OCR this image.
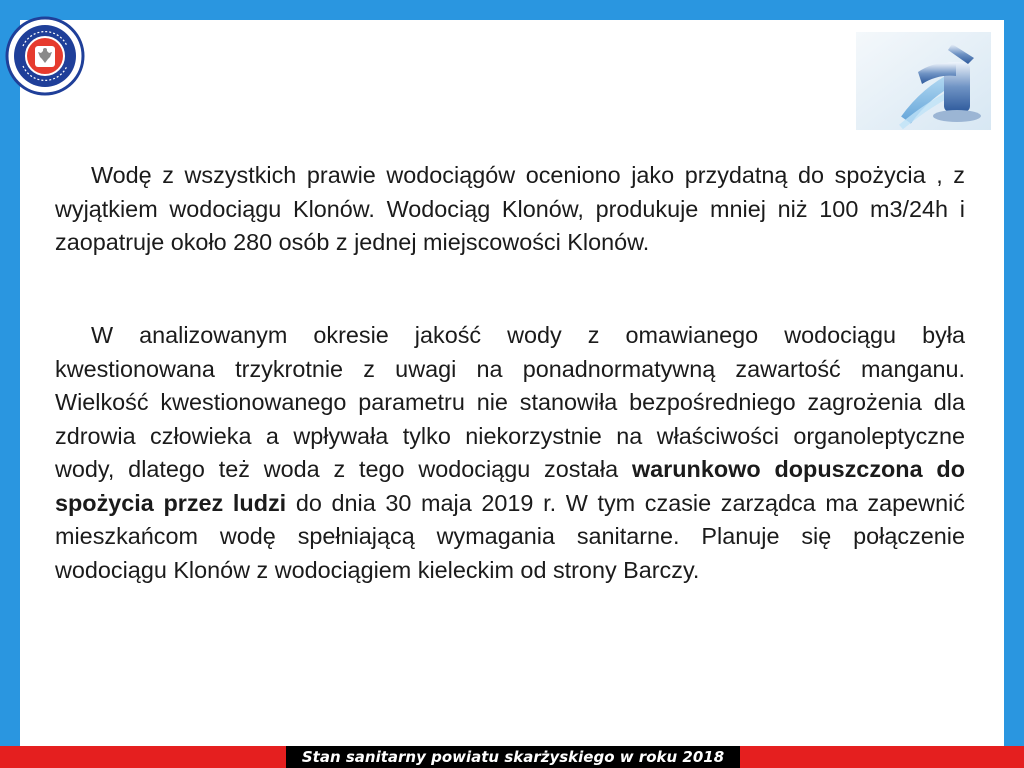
Wodę z wszystkich prawie wodociągów oceniono jako przydatną do spożycia , z wyjątkiem wodociągu Klonów. Wodociąg Klonów, produkuje mniej niż 100 m3/24h i zaopatruje około 280 osób z jednej miejscowości Klonów.

W analizowanym okresie jakość wody z omawianego wodociągu była kwestionowana trzykrotnie z uwagi na ponadnormatywną zawartość manganu. Wielkość kwestionowanego parametru nie stanowiła bezpośredniego zagrożenia dla zdrowia człowieka a wpływała tylko niekorzystnie na właściwości organoleptyczne wody, dlatego też woda z tego wodociągu została warunkowo dopuszczona do spożycia przez ludzi do dnia 30 maja 2019 r. W tym czasie zarządca ma zapewnić mieszkańcom wodę spełniającą wymagania sanitarne. Planuje się połączenie wodociągu Klonów z wodociągiem kieleckim od strony Barczy.

Stan sanitarny powiatu skarżyskiego w roku 2018
